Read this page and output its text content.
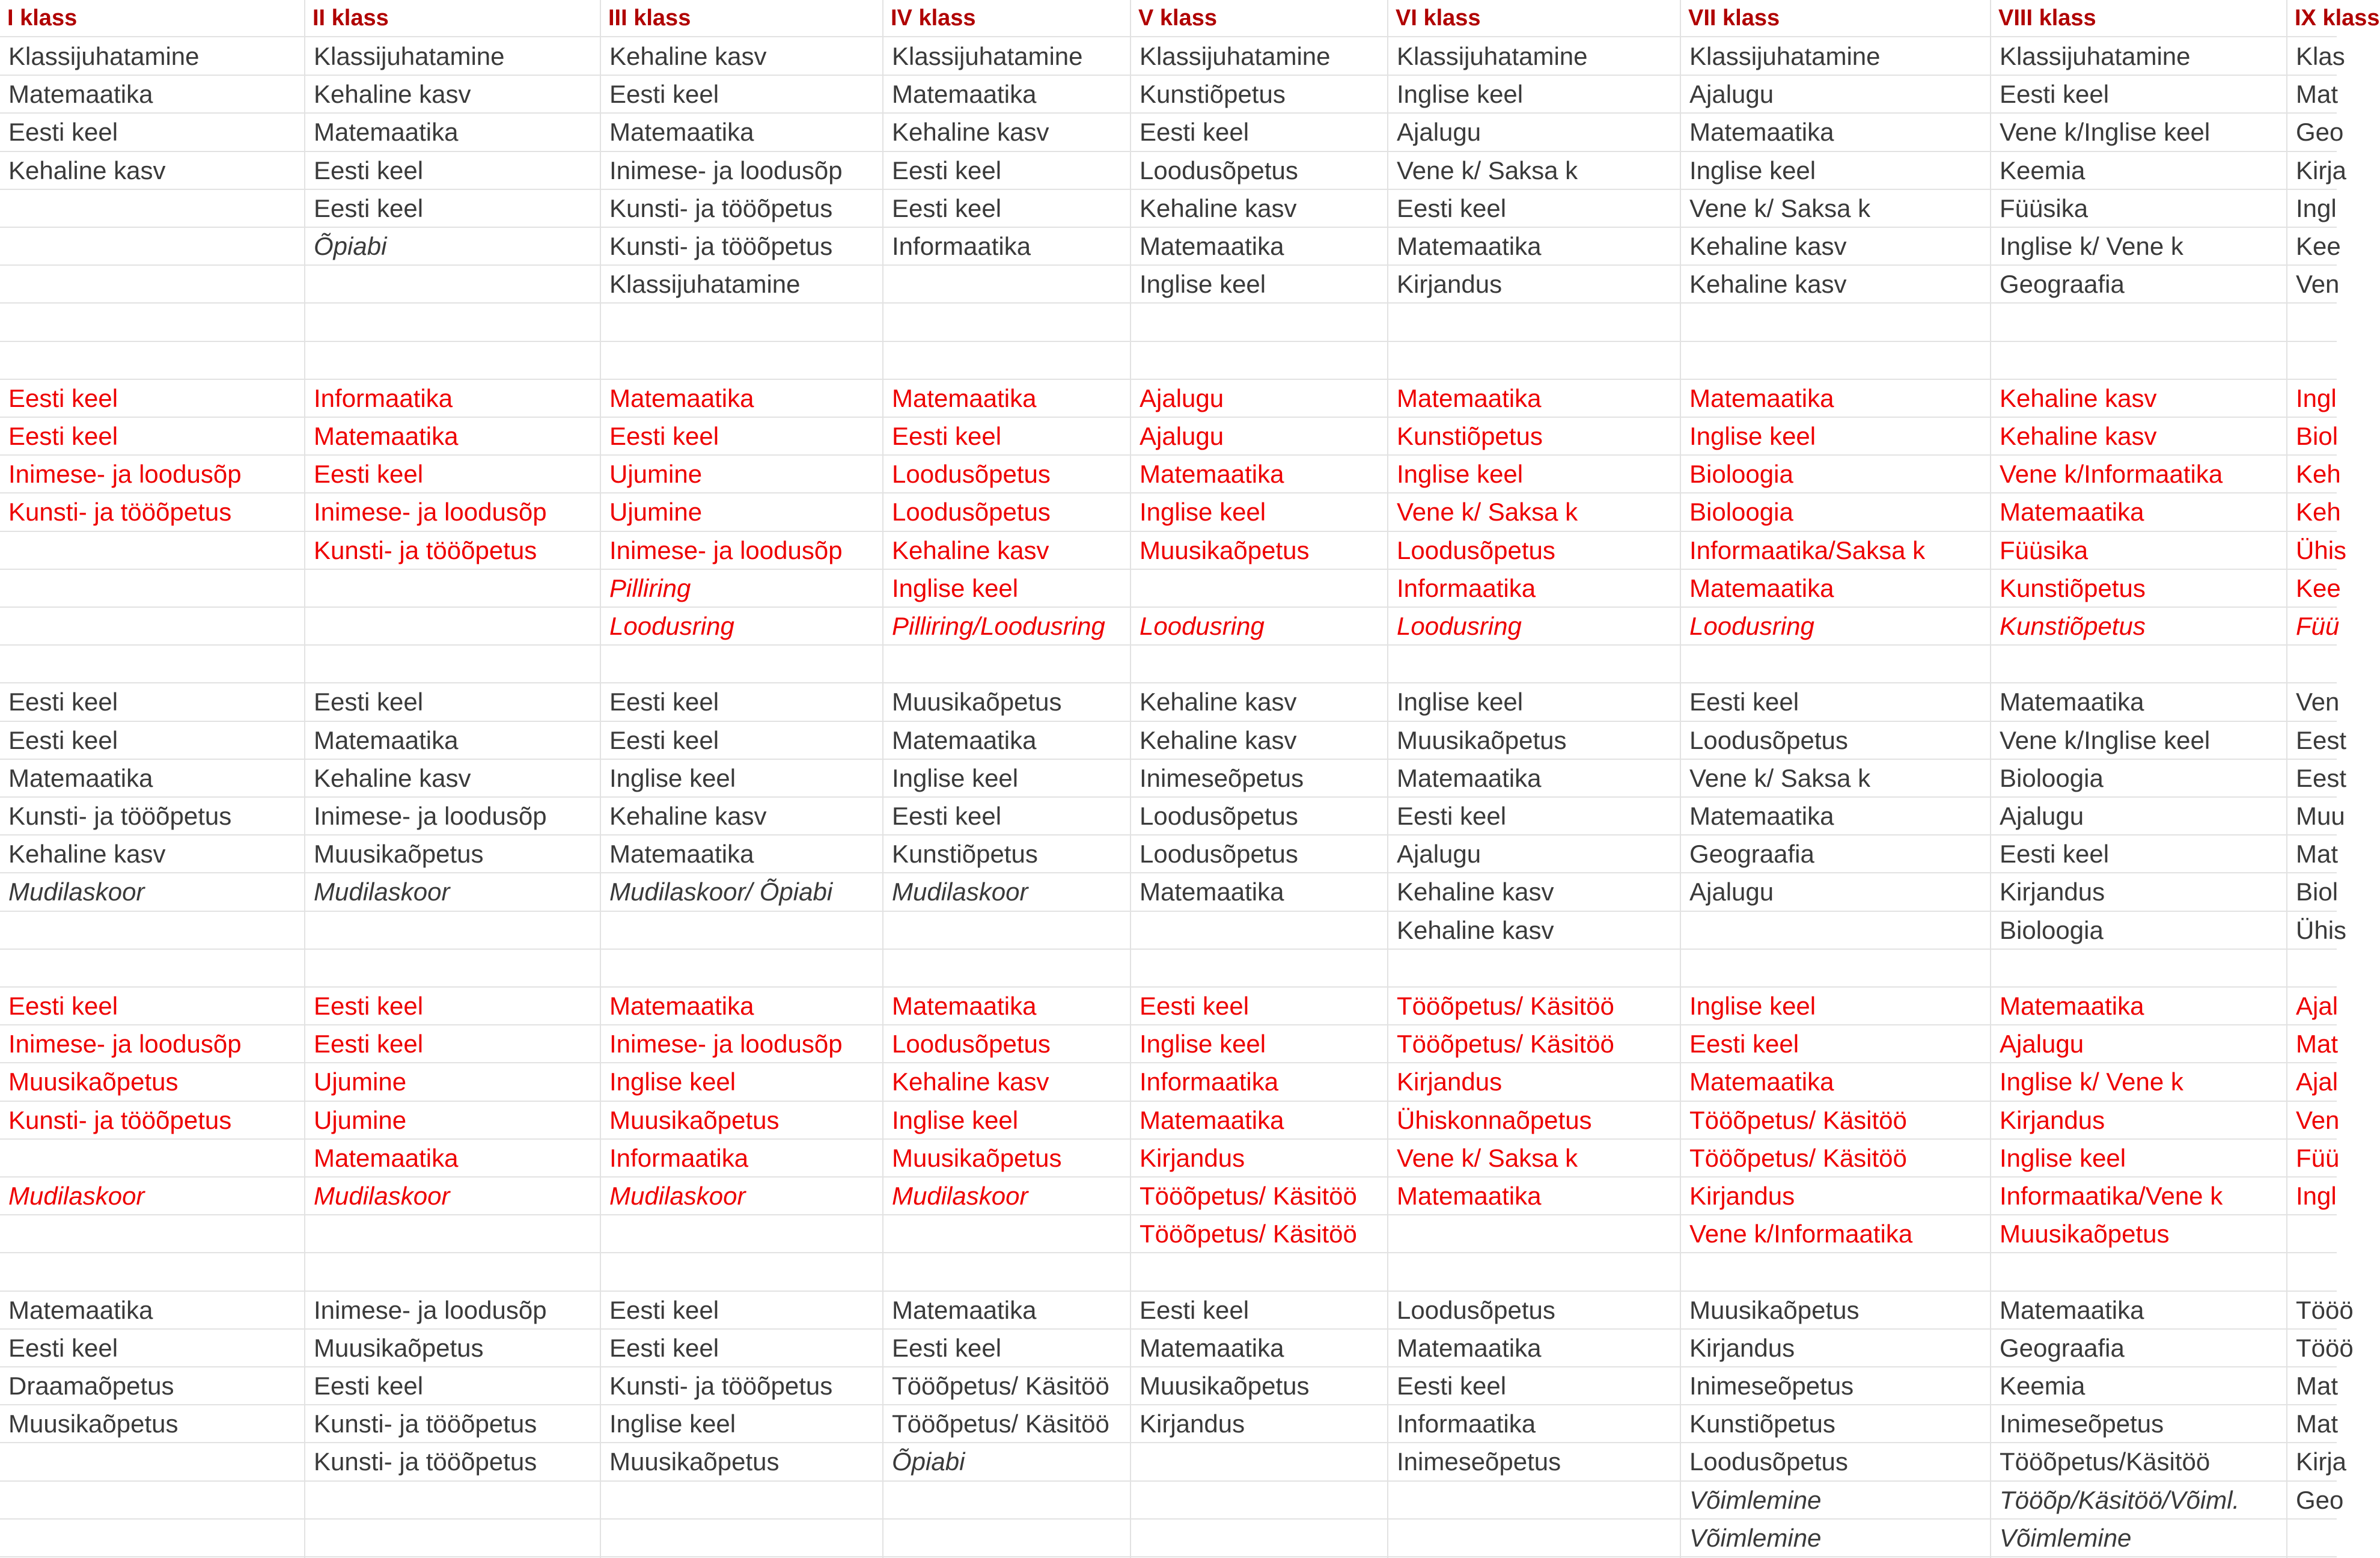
I klass
Klassijuhatamine
Matemaatika
Eesti keel
Kehaline kasv
Eesti keel
Eesti keel
Inimese- ja loodusõp
Kunsti- ja tööõpetus
Eesti keel
Eesti keel
Matemaatika
Kunsti- ja tööõpetus
Kehaline kasv
Mudilaskoor
Eesti keel
Inimese- ja loodusõp
Muusikaõpetus
Kunsti- ja tööõpetus
Mudilaskoor
Matemaatika
Eesti keel
Draamaõpetus
Muusikaõpetus
II klass
Klassijuhatamine
Kehaline kasv
Matemaatika
Eesti keel
Eesti keel
Õpiabi
Informaatika
Matemaatika
Eesti keel
Inimese- ja loodusõp
Kunsti- ja tööõpetus
Eesti keel
Matemaatika
Kehaline kasv
Inimese- ja loodusõp
Muusikaõpetus
Mudilaskoor
Eesti keel
Eesti keel
Ujumine
Ujumine
Matemaatika
Mudilaskoor
Inimese- ja loodusõp
Muusikaõpetus
Eesti keel
Kunsti- ja tööõpetus
Kunsti- ja tööõpetus
III klass
Kehaline kasv
Eesti keel
Matemaatika
Inimese- ja loodusõp
Kunsti- ja tööõpetus
Kunsti- ja tööõpetus
Klassijuhatamine
Matemaatika
Eesti keel
Ujumine
Ujumine
Inimese- ja loodusõp
Pilliring
Loodusring
Eesti keel
Eesti keel
Inglise keel
Kehaline kasv
Matemaatika
Mudilaskoor/ Õpiabi
Matemaatika
Inimese- ja loodusõp
Inglise keel
Muusikaõpetus
Informaatika
Mudilaskoor
Eesti keel
Eesti keel
Kunsti- ja tööõpetus
Inglise keel
Muusikaõpetus
IV klass
Klassijuhatamine
Matemaatika
Kehaline kasv
Eesti keel
Eesti keel
Informaatika
Matemaatika
Eesti keel
Loodusõpetus
Loodusõpetus
Kehaline kasv
Inglise keel
Pilliring/Loodusring
Muusikaõpetus
Matemaatika
Inglise keel
Eesti keel
Kunstiõpetus
Mudilaskoor
Matemaatika
Loodusõpetus
Kehaline kasv
Inglise keel
Muusikaõpetus
Mudilaskoor
Matemaatika
Eesti keel
Tööõpetus/ Käsitöö
Tööõpetus/ Käsitöö
Õpiabi
V klass
Klassijuhatamine
Kunstiõpetus
Eesti keel
Loodusõpetus
Kehaline kasv
Matemaatika
Inglise keel
Ajalugu
Ajalugu
Matemaatika
Inglise keel
Muusikaõpetus
Loodusring
Kehaline kasv
Kehaline kasv
Inimeseõpetus
Loodusõpetus
Loodusõpetus
Matemaatika
Eesti keel
Inglise keel
Informaatika
Matemaatika
Kirjandus
Tööõpetus/ Käsitöö
Tööõpetus/ Käsitöö
Eesti keel
Matemaatika
Muusikaõpetus
Kirjandus
VI klass
Klassijuhatamine
Inglise keel
Ajalugu
Vene k/ Saksa k
Eesti keel
Matemaatika
Kirjandus
Matemaatika
Kunstiõpetus
Inglise keel
Vene k/ Saksa k
Loodusõpetus
Informaatika
Loodusring
Inglise keel
Muusikaõpetus
Matemaatika
Eesti keel
Ajalugu
Kehaline kasv
Kehaline kasv
Tööõpetus/ Käsitöö
Tööõpetus/ Käsitöö
Kirjandus
Ühiskonnaõpetus
Vene k/ Saksa k
Matemaatika
Loodusõpetus
Matemaatika
Eesti keel
Informaatika
Inimeseõpetus
VII klass
Klassijuhatamine
Ajalugu
Matemaatika
Inglise keel
Vene k/ Saksa k
Kehaline kasv
Kehaline kasv
Matemaatika
Inglise keel
Bioloogia
Bioloogia
Informaatika/Saksa k
Matemaatika
Loodusring
Eesti keel
Loodusõpetus
Vene k/ Saksa k
Matemaatika
Geograafia
Ajalugu
Inglise keel
Eesti keel
Matemaatika
Tööõpetus/ Käsitöö
Tööõpetus/ Käsitöö
Kirjandus
Vene k/Informaatika
Muusikaõpetus
Kirjandus
Inimeseõpetus
Kunstiõpetus
Loodusõpetus
Võimlemine
Võimlemine
VIII klass
Klassijuhatamine
Eesti keel
Vene k/Inglise keel
Keemia
Füüsika
Inglise k/ Vene k
Geograafia
Kehaline kasv
Kehaline kasv
Vene k/Informaatika
Matemaatika
Füüsika
Kunstiõpetus
Kunstiõpetus
Matemaatika
Vene k/Inglise keel
Bioloogia
Ajalugu
Eesti keel
Kirjandus
Bioloogia
Matemaatika
Ajalugu
Inglise k/ Vene k
Kirjandus
Inglise keel
Informaatika/Vene k
Muusikaõpetus
Matemaatika
Geograafia
Keemia
Inimeseõpetus
Tööõpetus/Käsitöö
Tööõp/Käsitöö/Võiml.
Võimlemine
IX klass
Klas
Mat
Geo
Kirja
Ingl
Kee
Ven
Ingl
Biol
Keh
Keh
Ühis
Kee
Füü
Ven
Eest
Eest
Muu
Mat
Biol
Ühis
Ajal
Mat
Ajal
Ven
Füü
Ingl
Tööö
Tööö
Mat
Mat
Kirja
Geo
